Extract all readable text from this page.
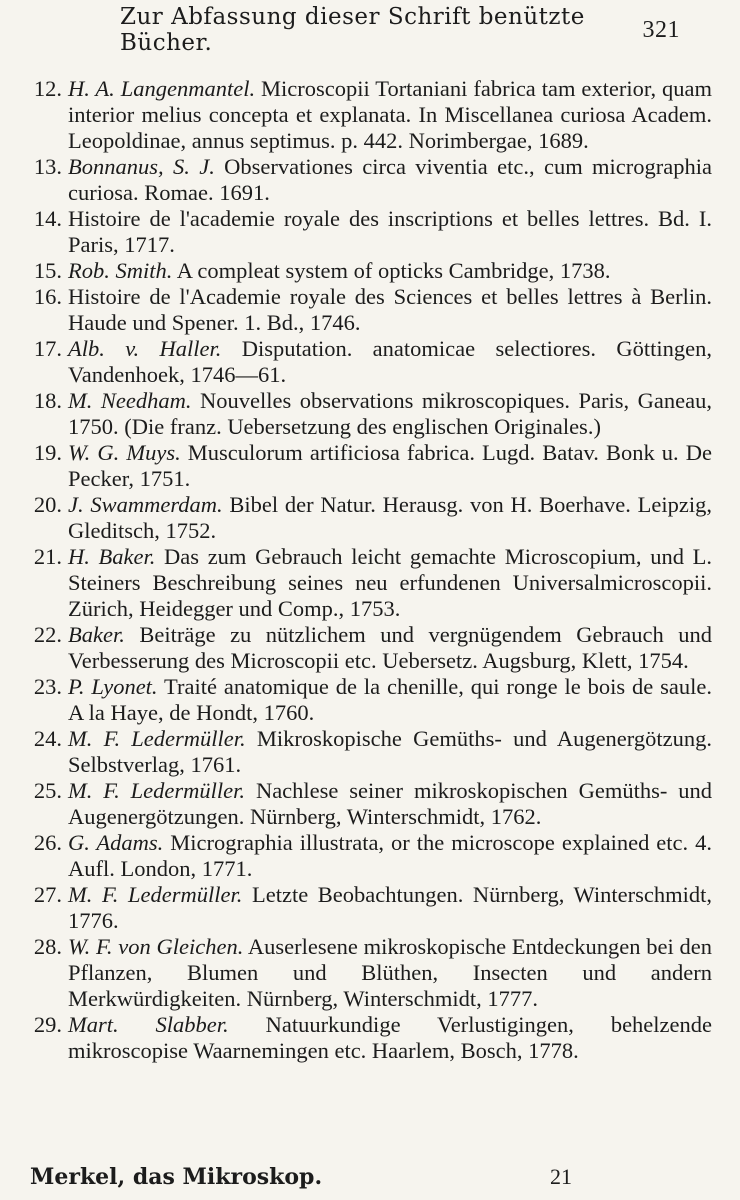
Zur Abfassung dieser Schrift benützte Bücher.
321
12. H. A. Langenmantel. Microscopii Tortaniani fabrica tam exterior, quam interior melius concepta et explanata. In Miscellanea curiosa Academ. Leopoldinae, annus septimus. p. 442. Norimbergae, 1689.
13. Bonnanus, S. J. Observationes circa viventia etc., cum micrographia curiosa. Romae. 1691.
14. Histoire de l'academie royale des inscriptions et belles lettres. Bd. I. Paris, 1717.
15. Rob. Smith. A compleat system of opticks Cambridge, 1738.
16. Histoire de l'Academie royale des Sciences et belles lettres à Berlin. Haude und Spener. 1. Bd., 1746.
17. Alb. v. Haller. Disputation. anatomicae selectiores. Göttingen, Vandenhoek, 1746—61.
18. M. Needham. Nouvelles observations mikroscopiques. Paris, Ganeau, 1750. (Die franz. Uebersetzung des englischen Originales.)
19. W. G. Muys. Musculorum artificiosa fabrica. Lugd. Batav. Bonk u. De Pecker, 1751.
20. J. Swammerdam. Bibel der Natur. Herausg. von H. Boerhave. Leipzig, Gleditsch, 1752.
21. H. Baker. Das zum Gebrauch leicht gemachte Microscopium, und L. Steiners Beschreibung seines neu erfundenen Universalmicroscopii. Zürich, Heidegger und Comp., 1753.
22. Baker. Beiträge zu nützlichem und vergnügendem Gebrauch und Verbesserung des Microscopii etc. Uebersetz. Augsburg, Klett, 1754.
23. P. Lyonet. Traité anatomique de la chenille, qui ronge le bois de saule. A la Haye, de Hondt, 1760.
24. M. F. Ledermüller. Mikroskopische Gemüths- und Augenergötzung. Selbstverlag, 1761.
25. M. F. Ledermüller. Nachlese seiner mikroskopischen Gemüths- und Augenergötzungen. Nürnberg, Winterschmidt, 1762.
26. G. Adams. Micrographia illustrata, or the microscope explained etc. 4. Aufl. London, 1771.
27. M. F. Ledermüller. Letzte Beobachtungen. Nürnberg, Winterschmidt, 1776.
28. W. F. von Gleichen. Auserlesene mikroskopische Entdeckungen bei den Pflanzen, Blumen und Blüthen, Insecten und andern Merkwürdigkeiten. Nürnberg, Winterschmidt, 1777.
29. Mart. Slabber. Natuurkundige Verlustigingen, behelzende mikroscopise Waarnemingen etc. Haarlem, Bosch, 1778.
Merkel, das Mikroskop.	21
